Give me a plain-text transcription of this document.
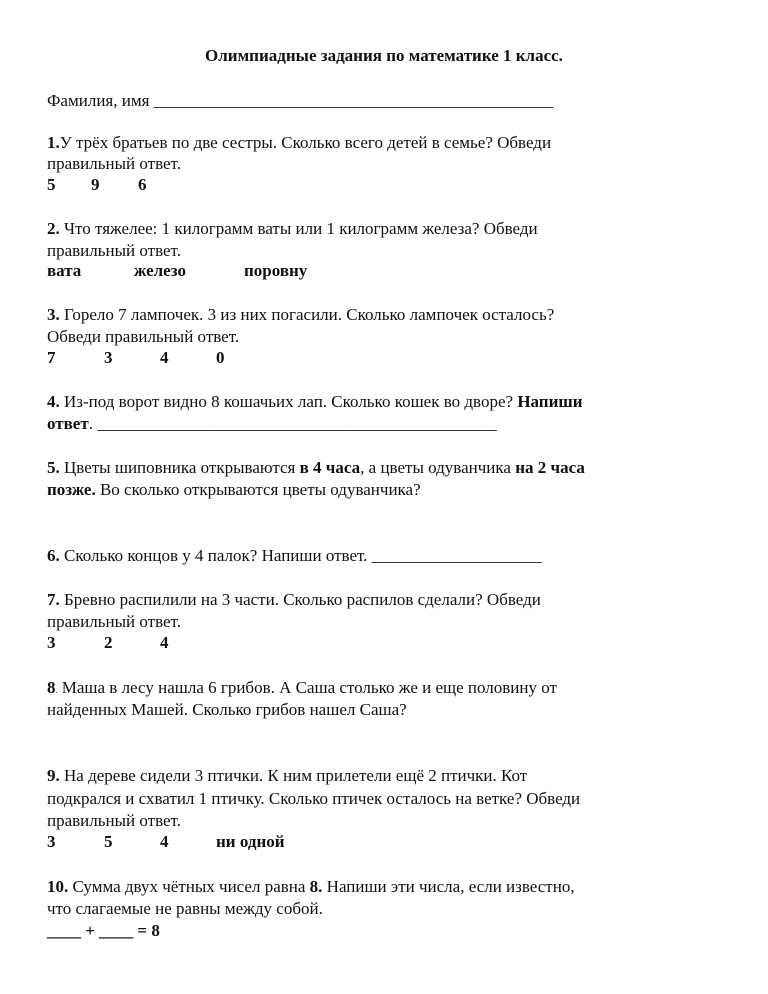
Олимпиадные задания по математике 1 класс.
Фамилия, имя _______________________________________________
1.У трёх братьев по две сестры. Сколько всего детей в семье? Обведи
правильный ответ.
5 9 6
2. Что тяжелее: 1 килограмм ваты или 1 килограмм железа? Обведи
правильный ответ.
вата	железо	поровну
3. Горело 7 лампочек. 3 из них погасили. Сколько лампочек осталось?
Обведи правильный ответ.
7	3	4	0
4. Из-под ворот видно 8 кошачьих лап. Сколько кошек во дворе? Напиши
ответ. _______________________________________________
5. Цветы шиповника открываются в 4 часа, а цветы одуванчика на 2 часа
позже. Во сколько открываются цветы одуванчика?
6. Сколько концов у 4 палок? Напиши ответ. ____________________
7. Бревно распилили на 3 части. Сколько распилов сделали? Обведи
правильный ответ.
3	2	4
8. Маша в лесу нашла 6 грибов. А Саша столько же и еще половину от
найденных Машей. Сколько грибов нашел Саша?
9. На дереве сидели 3 птички. К ним прилетели ещё 2 птички. Кот
подкрался и схватил 1 птичку. Сколько птичек осталось на ветке? Обведи
правильный ответ.
3	5	4	ни одной
10. Сумма двух чётных чисел равна 8. Напиши эти числа, если известно,
что слагаемые не равны между собой.
____ + ____ = 8
